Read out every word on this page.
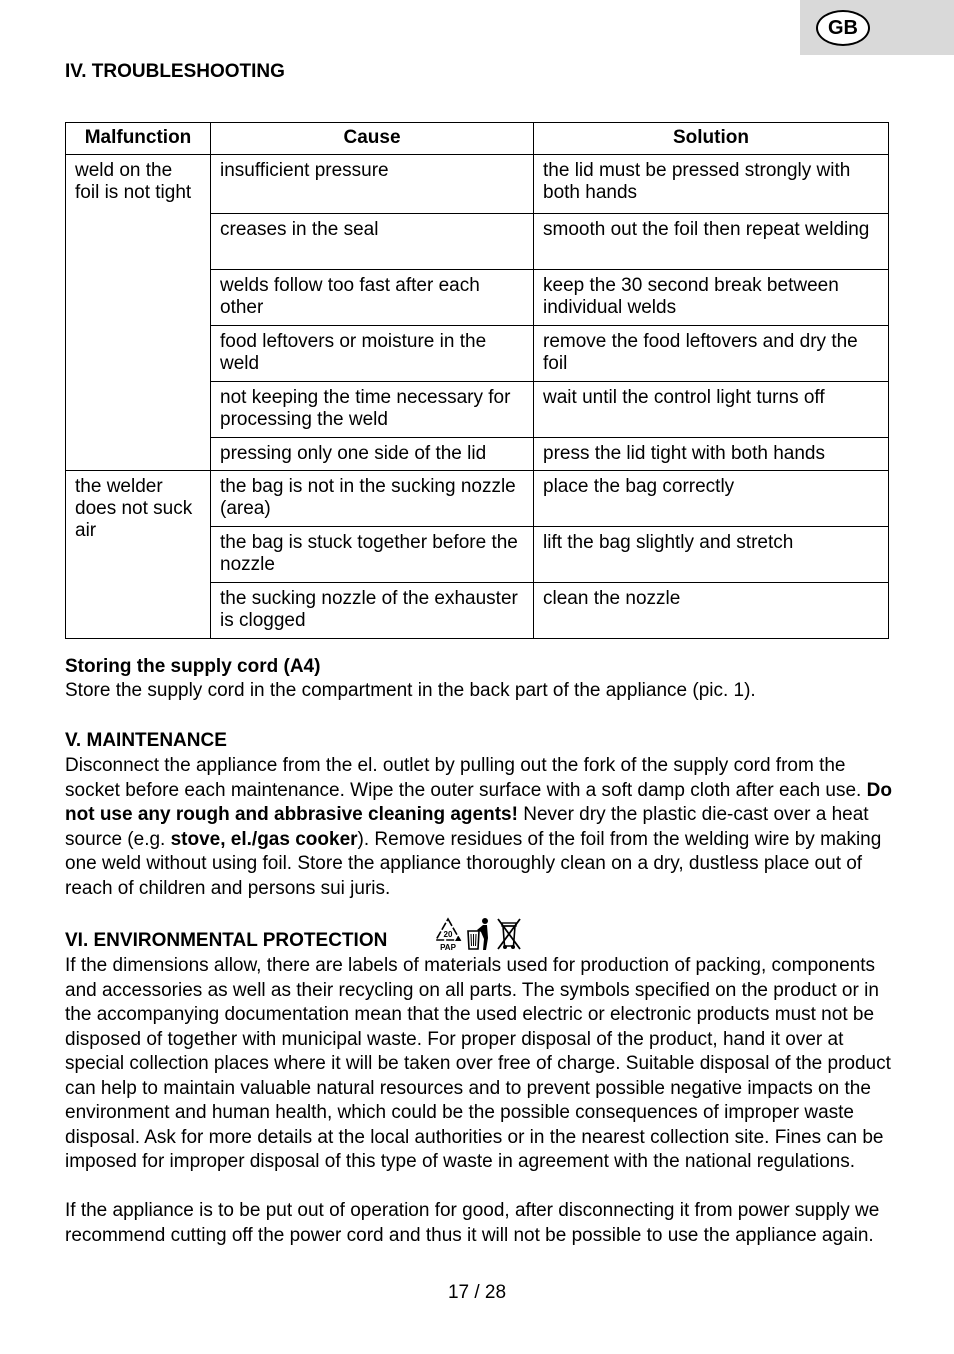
GB
IV. TROUBLESHOOTING
Malfunction	Cause	Solution
weld on the foil is not tight	insufficient pressure	the lid must be pressed strongly with both hands
	creases in the seal	smooth out the foil then repeat welding
	welds follow too fast after each other	keep the 30 second break between individual welds
	food leftovers or moisture in the weld	remove the food leftovers and dry the foil
	not keeping the time necessary for processing the weld	wait until the control light turns off
	pressing only one side of the lid	press the lid tight with both hands
the welder does not suck air	the bag is not in the sucking nozzle (area)	place the bag correctly
	the bag is stuck together before the nozzle	lift the bag slightly and stretch
	the sucking nozzle of the exhauster is clogged	clean the nozzle
Storing the supply cord (A4)

Store the supply cord in the compartment in the back part of the appliance (pic. 1).

V. MAINTENANCE

Disconnect the appliance from the el. outlet by pulling out the fork of the supply cord from the socket before each maintenance. Wipe the outer surface with a soft damp cloth after each use. Do not use any rough and abbrasive cleaning agents! Never dry the plastic die-cast over a heat source (e.g. stove, el./gas cooker). Remove residues of the foil from the welding wire by making one weld without using foil. Store the appliance thoroughly clean on a dry, dustless place out of reach of children and persons sui juris.

VI. ENVIRONMENTAL PROTECTION	20
PAP

If the dimensions allow, there are labels of materials used for production of packing, components and accessories as well as their recycling on all parts. The symbols specified on the product or in the accompanying documentation mean that the used electric or electronic products must not be disposed of together with municipal waste. For proper disposal of the product, hand it over at special collection places where it will be taken over free of charge. Suitable disposal of the product can help to maintain valuable natural resources and to prevent possible negative impacts on the environment and human health, which could be the possible consequences of improper waste disposal. Ask for more details at the local authorities or in the nearest collection site. Fines can be imposed for improper disposal of this type of waste in agreement with the national regulations.

If the appliance is to be put out of operation for good, after disconnecting it from power supply we recommend cutting off the power cord and thus it will not be possible to use the appliance again.

17 / 28
